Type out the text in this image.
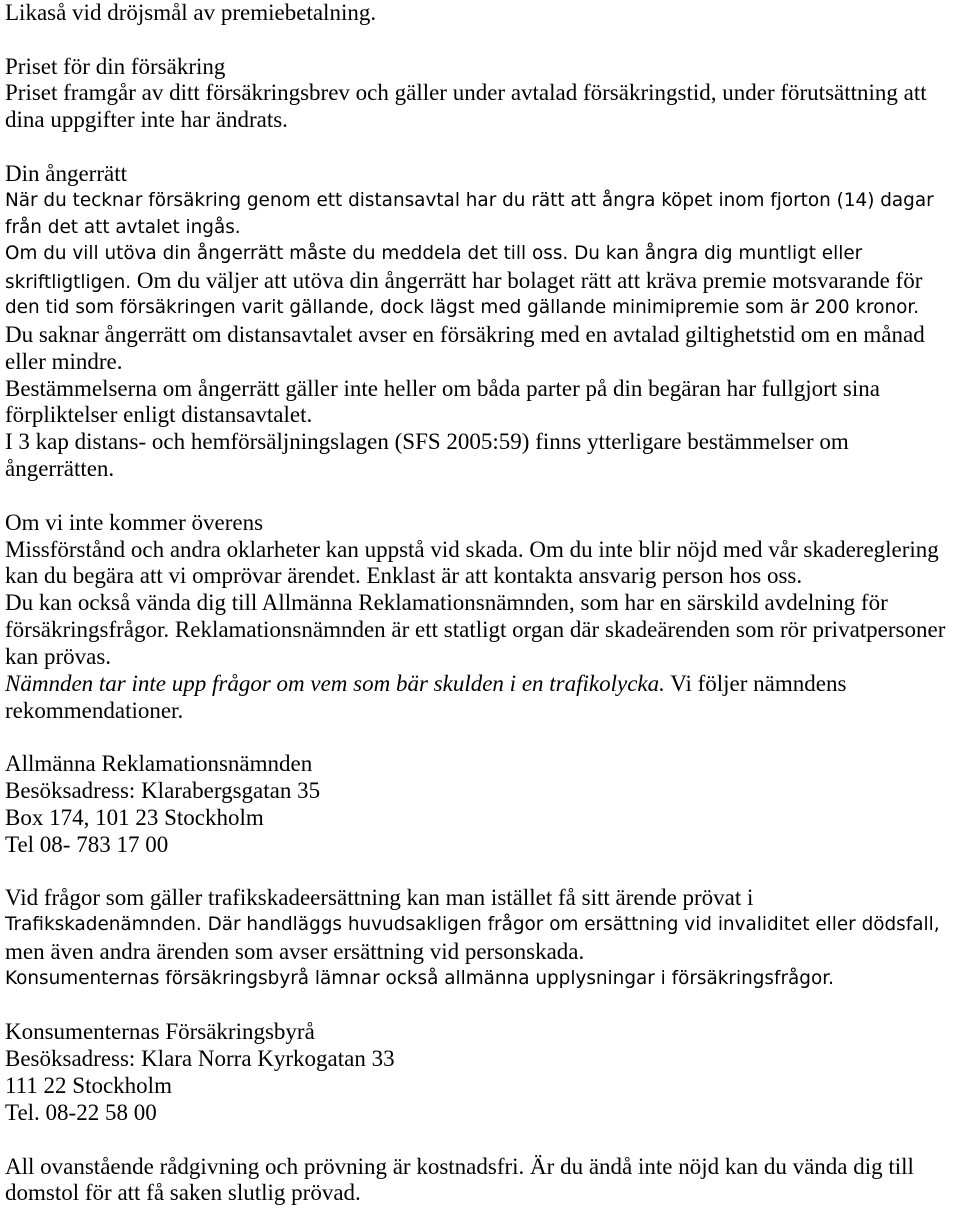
Likaså vid dröjsmål av premiebetalning.
Priset för din försäkring
Priset framgår av ditt försäkringsbrev och gäller under avtalad försäkringstid, under förutsättning att
dina uppgifter inte har ändrats.
Din ångerrätt
När du tecknar försäkring genom ett distansavtal har du rätt att ångra köpet inom fjorton (14) dagar
från det att avtalet ingås.
Om du vill utöva din ångerrätt måste du meddela det till oss. Du kan ångra dig muntligt eller
skriftligtligen. Om du väljer att utöva din ångerrätt har bolaget rätt att kräva premie motsvarande för
den tid som försäkringen varit gällande, dock lägst med gällande minimipremie som är 200 kronor.
Du saknar ångerrätt om distansavtalet avser en försäkring med en avtalad giltighetstid om en månad
eller mindre.
Bestämmelserna om ångerrätt gäller inte heller om båda parter på din begäran har fullgjort sina
förpliktelser enligt distansavtalet.
I 3 kap distans- och hemförsäljningslagen (SFS 2005:59) finns ytterligare bestämmelser om
ångerrätten.
Om vi inte kommer överens
Missförstånd och andra oklarheter kan uppstå vid skada. Om du inte blir nöjd med vår skadereglering
kan du begära att vi omprövar ärendet. Enklast är att kontakta ansvarig person hos oss.
Du kan också vända dig till Allmänna Reklamationsnämnden, som har en särskild avdelning för
försäkringsfrågor. Reklamationsnämnden är ett statligt organ där skadeärenden som rör privatpersoner
kan prövas.
Nämnden tar inte upp frågor om vem som bär skulden i en trafikolycka. Vi följer nämndens
rekommendationer.
Allmänna Reklamationsnämnden
Besöksadress: Klarabergsgatan 35
Box 174, 101 23 Stockholm
Tel 08- 783 17 00
Vid frågor som gäller trafikskadeersättning kan man istället få sitt ärende prövat i
Trafikskadenämnden. Där handläggs huvudsakligen frågor om ersättning vid invaliditet eller dödsfall,
men även andra ärenden som avser ersättning vid personskada.
Konsumenternas försäkringsbyrå lämnar också allmänna upplysningar i försäkringsfrågor.
Konsumenternas Försäkringsbyrå
Besöksadress: Klara Norra Kyrkogatan 33
111 22 Stockholm
Tel. 08-22 58 00
All ovanstående rådgivning och prövning är kostnadsfri. Är du ändå inte nöjd kan du vända dig till
domstol för att få saken slutlig prövad.
